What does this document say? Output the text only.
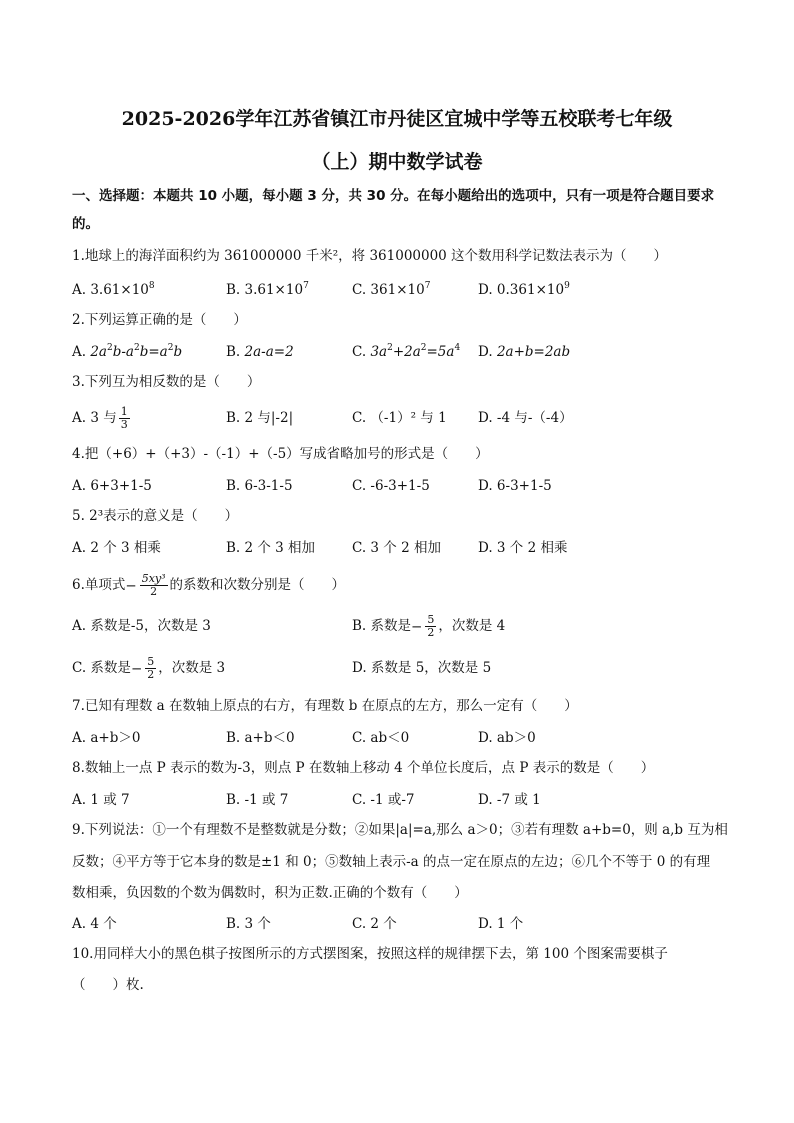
2025-2026学年江苏省镇江市丹徒区宜城中学等五校联考七年级
（上）期中数学试卷
一、选择题：本题共 10 小题，每小题 3 分，共 30 分。在每小题给出的选项中，只有一项是符合题目要求
的。
1.地球上的海洋面积约为 361000000 千米²，将 361000000 这个数用科学记数法表示为（　　）
A. $3.61\times 10^8$	B. $3.61\times 10^7$	C. $361\times 10^7$	D. $0.361\times 10^9$
2.下列运算正确的是（　　）
A. $2a^2b-a^2b=a^2b$	B. 2a-a=2	C. $3a^2+2a^2=5a^4$ D. 2a+b=2ab
3.下列互为相反数的是（　　）
A. 3 与 $\frac{1}{3}$	B. 2 与|-2|	C. （-1）² 与 1 D. -4 与-（-4）
4.把（+6）+（+3）-（-1）+（-5）写成省略加号的形式是（　　）
A. 6+3+1-5	B. 6-3-1-5	C. -6-3+1-5	D. 6-3+1-5
5. 2³表示的意义是（　　）
A. 2 个 3 相乘	B. 2 个 3 相加	C. 3 个 2 相加	D. 3 个 2 相乘
6.单项式− $\frac{\text{5xy³}}{2}$ 的系数和次数分别是（　　）
A. 系数是-5，次数是 3	B. 系数是− $\frac{5}{2}$ ，次数是 4
C. 系数是− $\frac{5}{2}$ ，次数是 3	D. 系数是 5，次数是 5
7.已知有理数 a 在数轴上原点的右方，有理数 b 在原点的左方，那么一定有（　　）
A. a+b＞0	B. a+b＜0	C. ab＜0	D. ab＞0
8.数轴上一点 P 表示的数为-3，则点 P 在数轴上移动 4 个单位长度后，点 P 表示的数是（　　）
A. 1 或 7	B. -1 或 7	C. -1 或-7	D. -7 或 1
9.下列说法：①一个有理数不是整数就是分数；②如果|a|=a,那么 a＞0；③若有理数 a+b=0，则 a,b 互为相
反数；④平方等于它本身的数是±1 和 0；⑤数轴上表示-a 的点一定在原点的左边；⑥几个不等于 0 的有理
数相乘，负因数的个数为偶数时，积为正数.正确的个数有（　　）
A. 4 个	B. 3 个	C. 2 个	D. 1 个
10.用同样大小的黑色棋子按图所示的方式摆图案，按照这样的规律摆下去，第 100 个图案需要棋子
（　　）枚.
